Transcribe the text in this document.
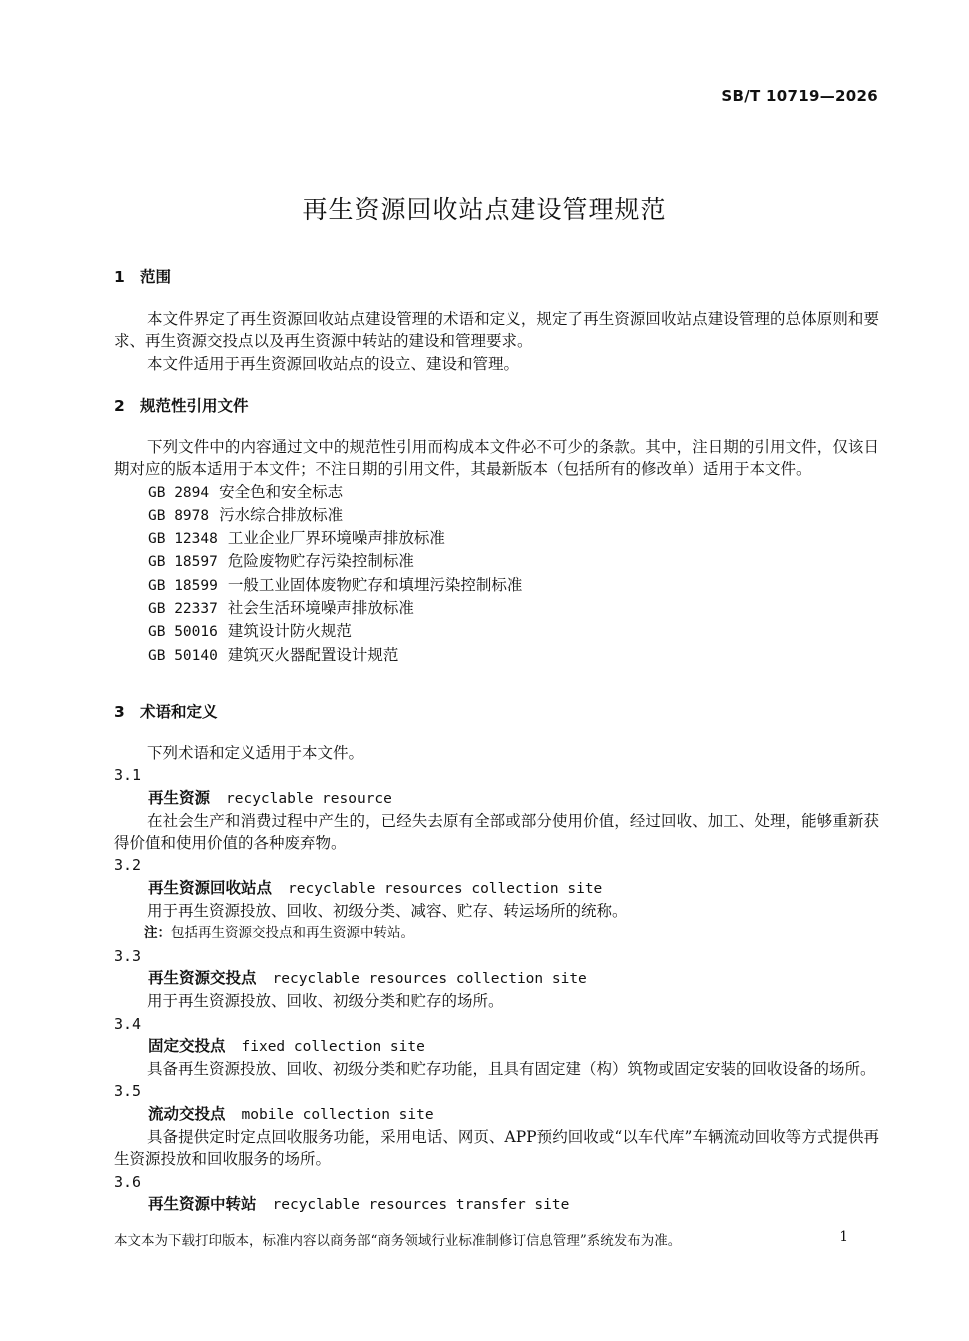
SB/T 10719—2026
再生资源回收站点建设管理规范
1 范围

本文件界定了再生资源回收站点建设管理的术语和定义，规定了再生资源回收站点建设管理的总体原则和要求、再生资源交投点以及再生资源中转站的建设和管理要求。

本文件适用于再生资源回收站点的设立、建设和管理。

2 规范性引用文件

下列文件中的内容通过文中的规范性引用而构成本文件必不可少的条款。其中，注日期的引用文件，仅该日期对应的版本适用于本文件；不注日期的引用文件，其最新版本（包括所有的修改单）适用于本文件。

GB 2894 安全色和安全标志
GB 8978 污水综合排放标准
GB 12348 工业企业厂界环境噪声排放标准
GB 18597 危险废物贮存污染控制标准
GB 18599 一般工业固体废物贮存和填埋污染控制标准
GB 22337 社会生活环境噪声排放标准
GB 50016 建筑设计防火规范
GB 50140 建筑灭火器配置设计规范
3 术语和定义

下列术语和定义适用于本文件。

3.1
再生资源 recyclable resource

在社会生产和消费过程中产生的，已经失去原有全部或部分使用价值，经过回收、加工、处理，能够重新获得价值和使用价值的各种废弃物。

3.2
再生资源回收站点 recyclable resources collection site

用于再生资源投放、回收、初级分类、减容、贮存、转运场所的统称。

注：包括再生资源交投点和再生资源中转站。
3.3
再生资源交投点 recyclable resources collection site

用于再生资源投放、回收、初级分类和贮存的场所。

3.4
固定交投点 fixed collection site

具备再生资源投放、回收、初级分类和贮存功能，且具有固定建（构）筑物或固定安装的回收设备的场所。

3.5
流动交投点 mobile collection site

具备提供定时定点回收服务功能，采用电话、网页、APP预约回收或“以车代库”车辆流动回收等方式提供再生资源投放和回收服务的场所。

3.6
再生资源中转站 recyclable resources transfer site
本文本为下载打印版本，标准内容以商务部“商务领域行业标准制修订信息管理”系统发布为准。	1
